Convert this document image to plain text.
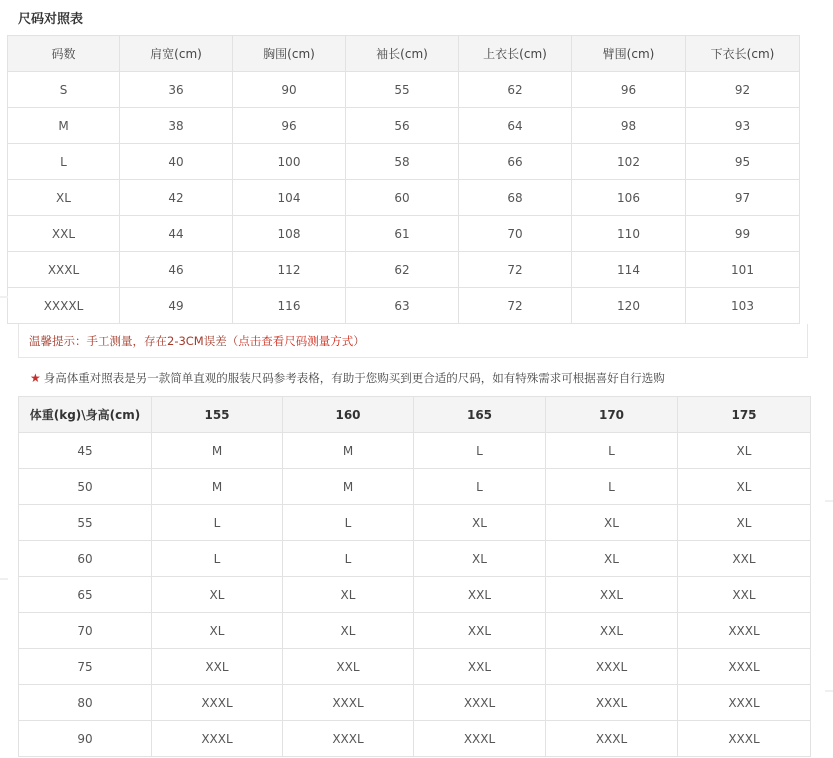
尺码对照表
码数	肩宽(cm)	胸围(cm)	袖长(cm)	上衣长(cm)	臂围(cm)	下衣长(cm)
S	36	90	55	62	96	92
M	38	96	56	64	98	93
L	40	100	58	66	102	95
XL	42	104	60	68	106	97
XXL	44	108	61	70	110	99
XXXL	46	112	62	72	114	101
XXXXL	49	116	63	72	120	103
温馨提示：手工测量，存在2-3CM误差（点击查看尺码测量方式）
★ 身高体重对照表是另一款简单直观的服装尺码参考表格，有助于您购买到更合适的尺码，如有特殊需求可根据喜好自行选购
体重(kg)\身高(cm)	155	160	165	170	175
45	M	M	L	L	XL
50	M	M	L	L	XL
55	L	L	XL	XL	XL
60	L	L	XL	XL	XXL
65	XL	XL	XXL	XXL	XXL
70	XL	XL	XXL	XXL	XXXL
75	XXL	XXL	XXL	XXXL	XXXL
80	XXXL	XXXL	XXXL	XXXL	XXXL
90	XXXL	XXXL	XXXL	XXXL	XXXL
